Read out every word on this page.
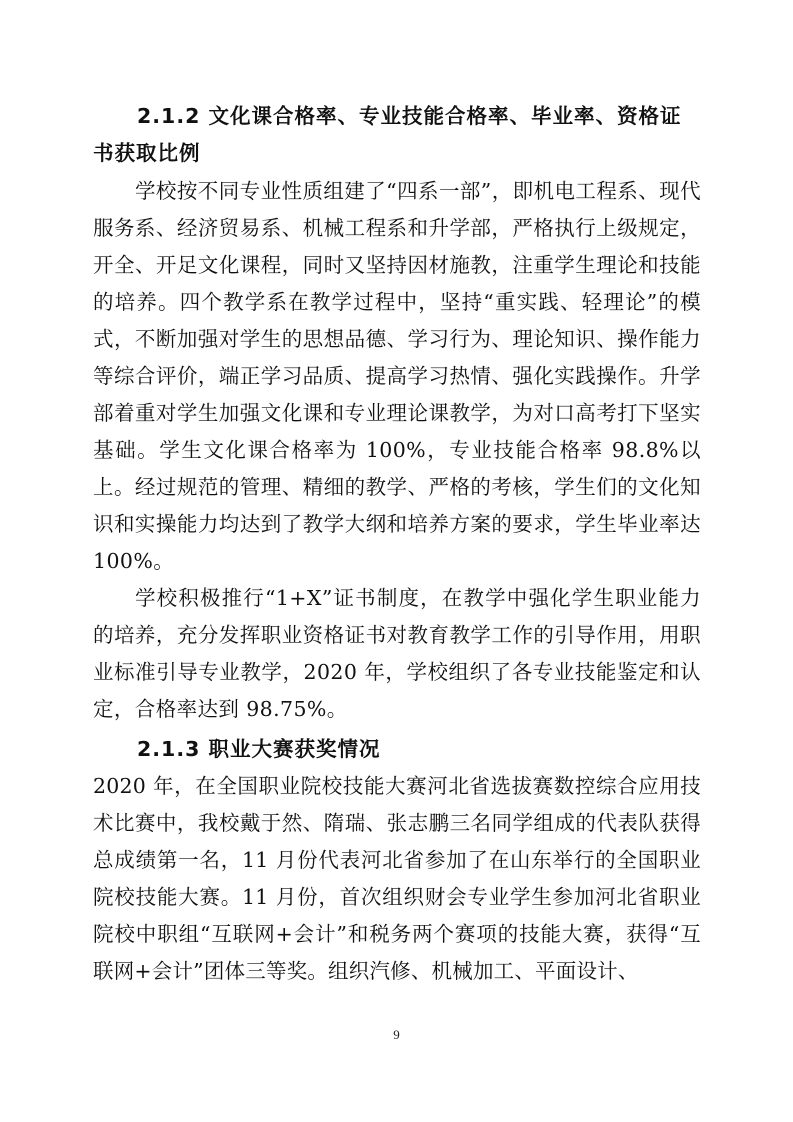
2.1.2 文化课合格率、专业技能合格率、毕业率、资格证书获取比例

学校按不同专业性质组建了“四系一部”，即机电工程系、现代服务系、经济贸易系、机械工程系和升学部，严格执行上级规定，开全、开足文化课程，同时又坚持因材施教，注重学生理论和技能的培养。四个教学系在教学过程中，坚持“重实践、轻理论”的模式，不断加强对学生的思想品德、学习行为、理论知识、操作能力等综合评价，端正学习品质、提高学习热情、强化实践操作。升学部着重对学生加强文化课和专业理论课教学，为对口高考打下坚实基础。学生文化课合格率为 100%，专业技能合格率 98.8%以上。经过规范的管理、精细的教学、严格的考核，学生们的文化知识和实操能力均达到了教学大纲和培养方案的要求，学生毕业率达 100%。

学校积极推行“1+X”证书制度，在教学中强化学生职业能力的培养，充分发挥职业资格证书对教育教学工作的引导作用，用职业标准引导专业教学，2020 年，学校组织了各专业技能鉴定和认定，合格率达到 98.75%。

2.1.3 职业大赛获奖情况

2020 年，在全国职业院校技能大赛河北省选拔赛数控综合应用技术比赛中，我校戴于然、隋瑞、张志鹏三名同学组成的代表队获得总成绩第一名，11 月份代表河北省参加了在山东举行的全国职业院校技能大赛。11 月份，首次组织财会专业学生参加河北省职业院校中职组“互联网+会计”和税务两个赛项的技能大赛，获得“互联网+会计”团体三等奖。组织汽修、机械加工、平面设计、

9
